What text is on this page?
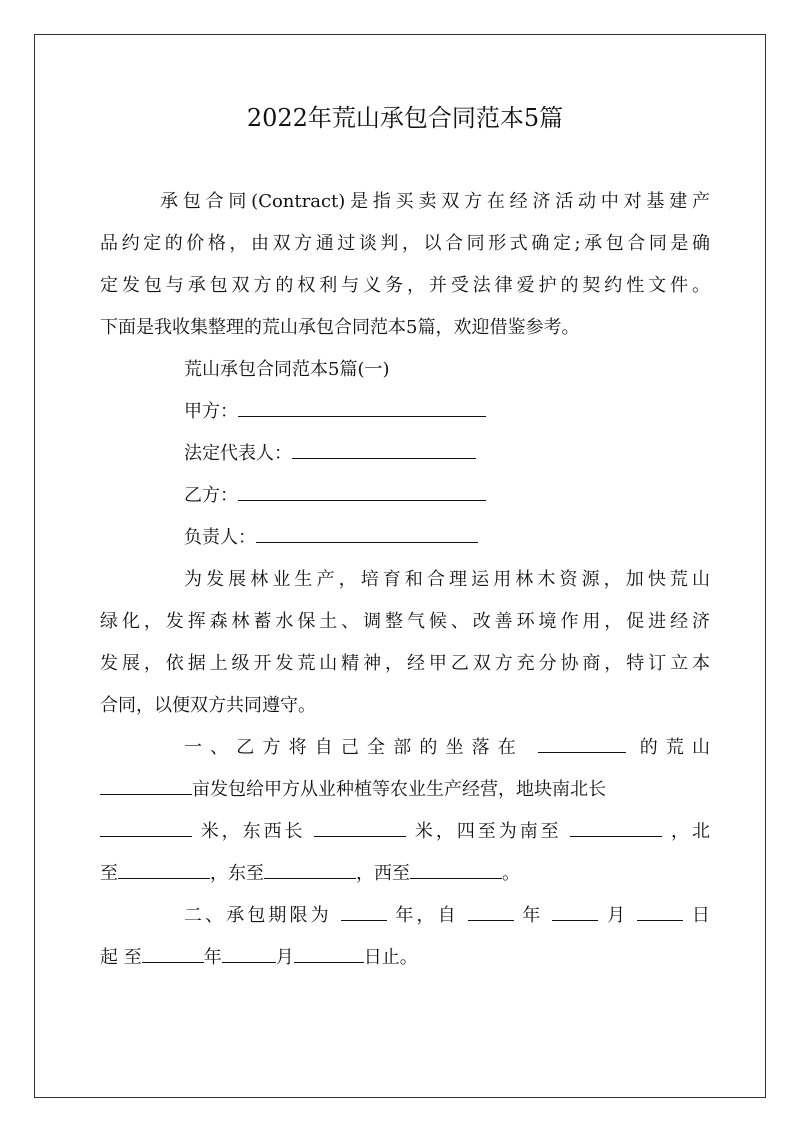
2022年荒山承包合同范本5篇
承包合同(Contract)是指买卖双方在经济活动中对基建产
品约定的价格，由双方通过谈判，以合同形式确定;承包合同是确
定发包与承包双方的权利与义务，并受法律爱护的契约性文件。
下面是我收集整理的荒山承包合同范本5篇，欢迎借鉴参考。
荒山承包合同范本5篇(一)
甲方：
法定代表人：
乙方：
负责人：
为发展林业生产，培育和合理运用林木资源，加快荒山
绿化，发挥森林蓄水保土、调整气候、改善环境作用，促进经济
发展，依据上级开发荒山精神，经甲乙双方充分协商，特订立本
合同，以便双方共同遵守。
一、乙方将自己全部的坐落在	的荒山
亩发包给甲方从业种植等农业生产经营，地块南北长
米，东西长	米，四至为南至	，北
至	，东至	，西至	。
二、承包期限为	年，自	年	月	日
起 至	年	月	日止。
